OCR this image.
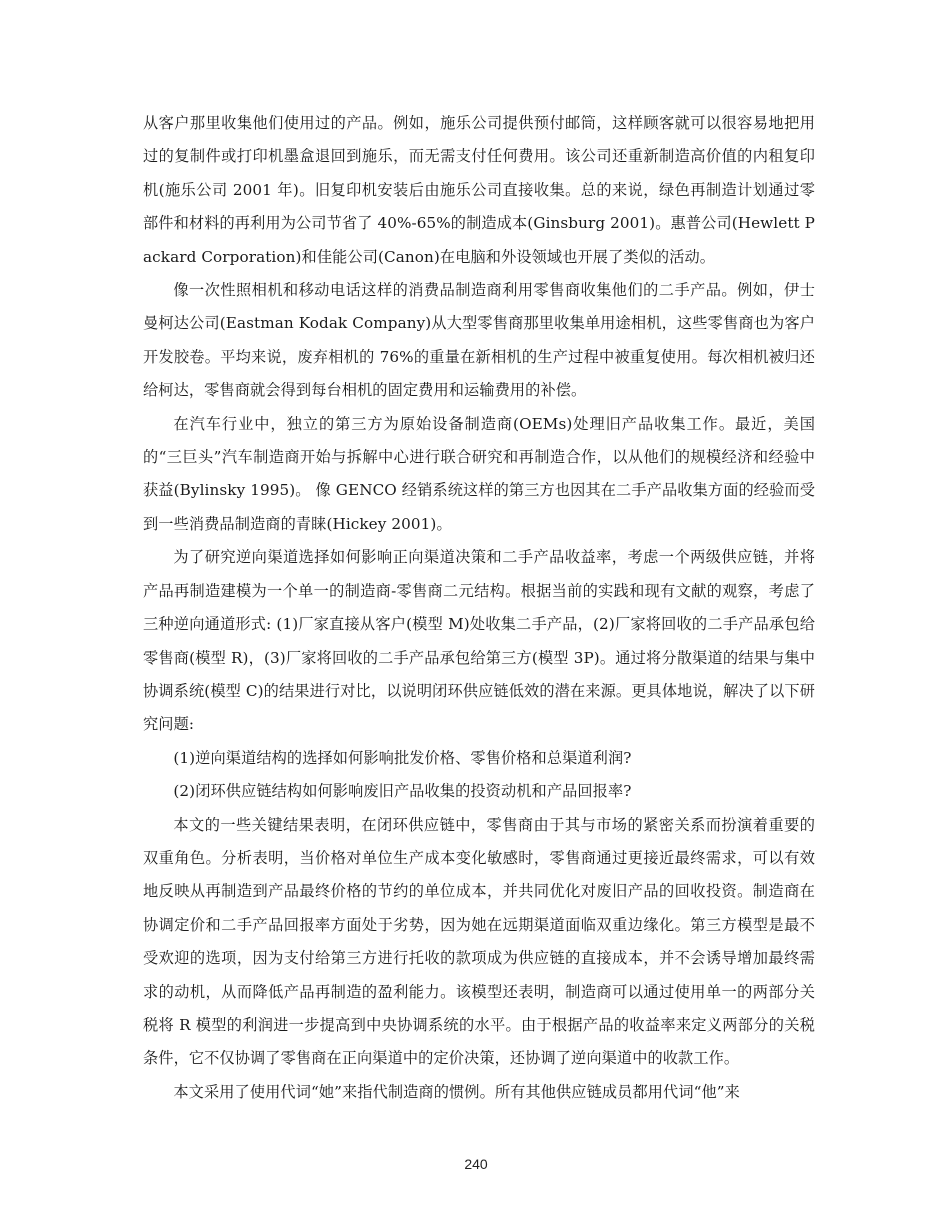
从客户那里收集他们使用过的产品。例如，施乐公司提供预付邮筒，这样顾客就可以很容易地把用过的复制件或打印机墨盒退回到施乐，而无需支付任何费用。该公司还重新制造高价值的内租复印机(施乐公司 2001 年)。旧复印机安装后由施乐公司直接收集。总的来说，绿色再制造计划通过零部件和材料的再利用为公司节省了 40%-65%的制造成本(Ginsburg 2001)。惠普公司(Hewlett Packard Corporation)和佳能公司(Canon)在电脑和外设领域也开展了类似的活动。

像一次性照相机和移动电话这样的消费品制造商利用零售商收集他们的二手产品。例如，伊士曼柯达公司(Eastman Kodak Company)从大型零售商那里收集单用途相机，这些零售商也为客户开发胶卷。平均来说，废弃相机的 76%的重量在新相机的生产过程中被重复使用。每次相机被归还给柯达，零售商就会得到每台相机的固定费用和运输费用的补偿。

在汽车行业中，独立的第三方为原始设备制造商(OEMs)处理旧产品收集工作。最近，美国的“三巨头”汽车制造商开始与拆解中心进行联合研究和再制造合作，以从他们的规模经济和经验中获益(Bylinsky 1995)。 像 GENCO 经销系统这样的第三方也因其在二手产品收集方面的经验而受到一些消费品制造商的青睐(Hickey 2001)。

为了研究逆向渠道选择如何影响正向渠道决策和二手产品收益率，考虑一个两级供应链，并将产品再制造建模为一个单一的制造商-零售商二元结构。根据当前的实践和现有文献的观察，考虑了三种逆向通道形式: (1)厂家直接从客户(模型 M)处收集二手产品，(2)厂家将回收的二手产品承包给零售商(模型 R)，(3)厂家将回收的二手产品承包给第三方(模型 3P)。通过将分散渠道的结果与集中协调系统(模型 C)的结果进行对比，以说明闭环供应链低效的潜在来源。更具体地说，解决了以下研究问题:

(1)逆向渠道结构的选择如何影响批发价格、零售价格和总渠道利润?

(2)闭环供应链结构如何影响废旧产品收集的投资动机和产品回报率?

本文的一些关键结果表明，在闭环供应链中，零售商由于其与市场的紧密关系而扮演着重要的双重角色。分析表明，当价格对单位生产成本变化敏感时，零售商通过更接近最终需求，可以有效地反映从再制造到产品最终价格的节约的单位成本，并共同优化对废旧产品的回收投资。制造商在协调定价和二手产品回报率方面处于劣势，因为她在远期渠道面临双重边缘化。第三方模型是最不受欢迎的选项，因为支付给第三方进行托收的款项成为供应链的直接成本，并不会诱导增加最终需求的动机，从而降低产品再制造的盈利能力。该模型还表明，制造商可以通过使用单一的两部分关税将 R 模型的利润进一步提高到中央协调系统的水平。由于根据产品的收益率来定义两部分的关税条件，它不仅协调了零售商在正向渠道中的定价决策，还协调了逆向渠道中的收款工作。

本文采用了使用代词“她”来指代制造商的惯例。所有其他供应链成员都用代词“他”来

240
